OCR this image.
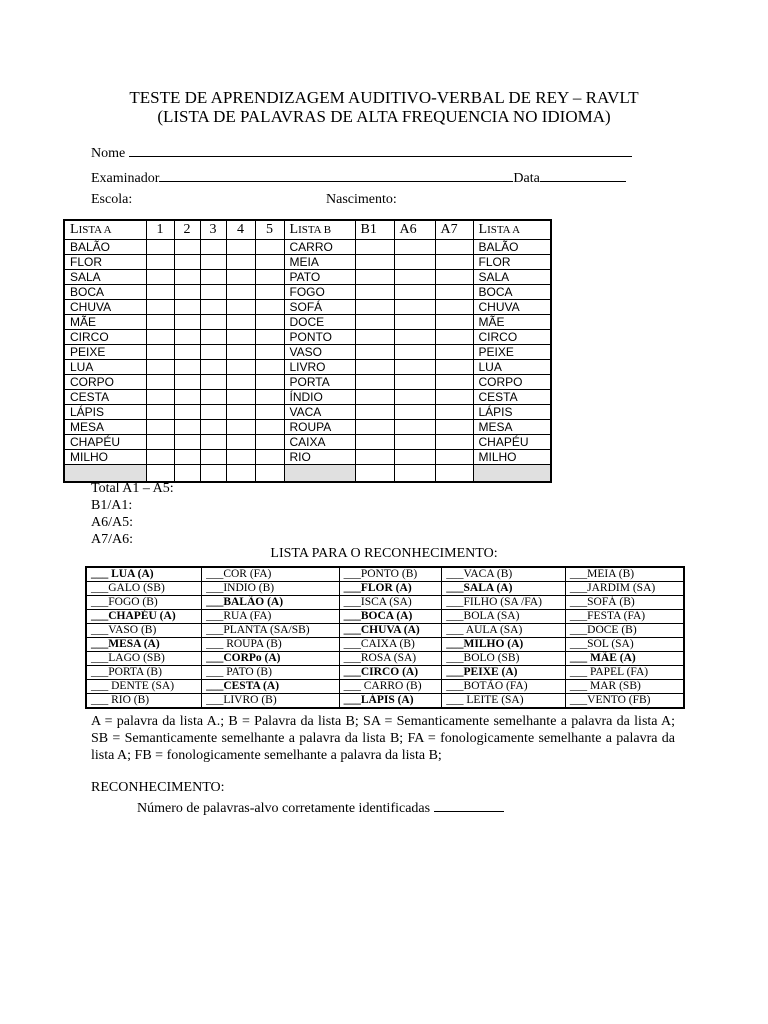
TESTE DE APRENDIZAGEM AUDITIVO-VERBAL DE REY – RAVLT
(LISTA DE PALAVRAS DE ALTA FREQUENCIA NO IDIOMA)
Nome
Examinador	Data
Escola:	Nascimento:
LISTA A	1	2	3	4	5	LISTA B	B1	A6	A7	LISTA A
BALÃO						CARRO				BALÃO
FLOR						MEIA				FLOR
SALA						PATO				SALA
BOCA						FOGO				BOCA
CHUVA						SOFÁ				CHUVA
MÃE						DOCE				MÃE
CIRCO						PONTO				CIRCO
PEIXE						VASO				PEIXE
LUA						LIVRO				LUA
CORPO						PORTA				CORPO
CESTA						ÍNDIO				CESTA
LÁPIS						VACA				LÁPIS
MESA						ROUPA				MESA
CHAPÉU						CAIXA				CHAPÉU
MILHO						RIO				MILHO

Total A1 – A5:
B1/A1:
A6/A5:
A7/A6:
LISTA PARA O RECONHECIMENTO:
___ LUA (A)	___COR (FA)	___PONTO (B)	___VACA (B)	___MEIA (B)
___GALO (SB)	___INDIO (B)	___FLOR (A)	___SALA (A)	___JARDIM (SA)
___FOGO (B)	___BALÃO (A)	___ISCA (SA)	___FILHO (SA /FA)	___SOFÁ (B)
___CHAPÉU (A)	___RUA (FA)	___BOCA (A)	___BOLA (SA)	___FESTA (FA)
___VASO (B)	___PLANTA (SA/SB)	___CHUVA (A)	___ AULA (SA)	___DOCE (B)
___MESA (A)	___ ROUPA (B)	___CAIXA (B)	___MILHO (A)	___SOL (SA)
___LAGO (SB)	___CORPo (A)	___ROSA (SA)	___BOLO (SB)	___ MÃE (A)
___PORTA (B)	___ PATO (B)	___CIRCO (A)	___PEIXE (A)	___ PAPEL (FA)
___ DENTE (SA)	___CESTA (A)	___ CARRO (B)	___BOTÃO (FA)	___ MAR (SB)
___ RIO (B)	___LIVRO (B)	___LÁPIS (A)	___ LEITE (SA)	___VENTO (FB)
A = palavra da lista A.; B = Palavra da lista B; SA = Semanticamente semelhante a palavra da lista A; SB = Semanticamente semelhante a palavra da lista B; FA = fonologicamente semelhante a palavra da lista A; FB = fonologicamente semelhante a palavra da lista B;
RECONHECIMENTO:
Número de palavras-alvo corretamente identificadas
